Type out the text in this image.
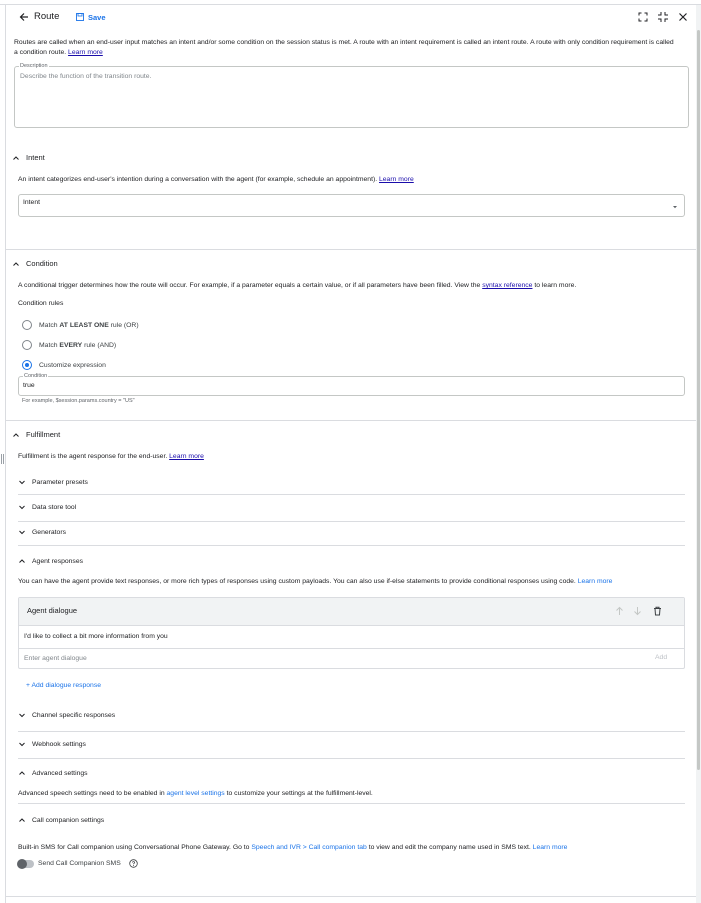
Route	Save
Routes are called when an end-user input matches an intent and/or some condition on the session status is met. A route with an intent requirement is called an intent route. A route with only condition requirement is called a condition route. Learn more
Description
Describe the function of the transition route.
Intent
An intent categorizes end-user's intention during a conversation with the agent (for example, schedule an appointment). Learn more
Intent
Condition
A conditional trigger determines how the route will occur. For example, if a parameter equals a certain value, or if all parameters have been filled. View the syntax reference to learn more.
Condition rules
Match AT LEAST ONE rule (OR)
Match EVERY rule (AND)
Customize expression
Condition
true
For example, $session.params.country = "US"
Fulfillment
Fulfillment is the agent response for the end-user. Learn more
Parameter presets
Data store tool
Generators
Agent responses
You can have the agent provide text responses, or more rich types of responses using custom payloads. You can also use if-else statements to provide conditional responses using code. Learn more
Agent dialogue
I'd like to collect a bit more information from you
Enter agent dialogue	Add
+ Add dialogue response
Channel specific responses
Webhook settings
Advanced settings
Advanced speech settings need to be enabled in agent level settings to customize your settings at the fulfillment-level.
Call companion settings
Built-in SMS for Call companion using Conversational Phone Gateway. Go to Speech and IVR > Call companion tab to view and edit the company name used in SMS text. Learn more
Send Call Companion SMS
